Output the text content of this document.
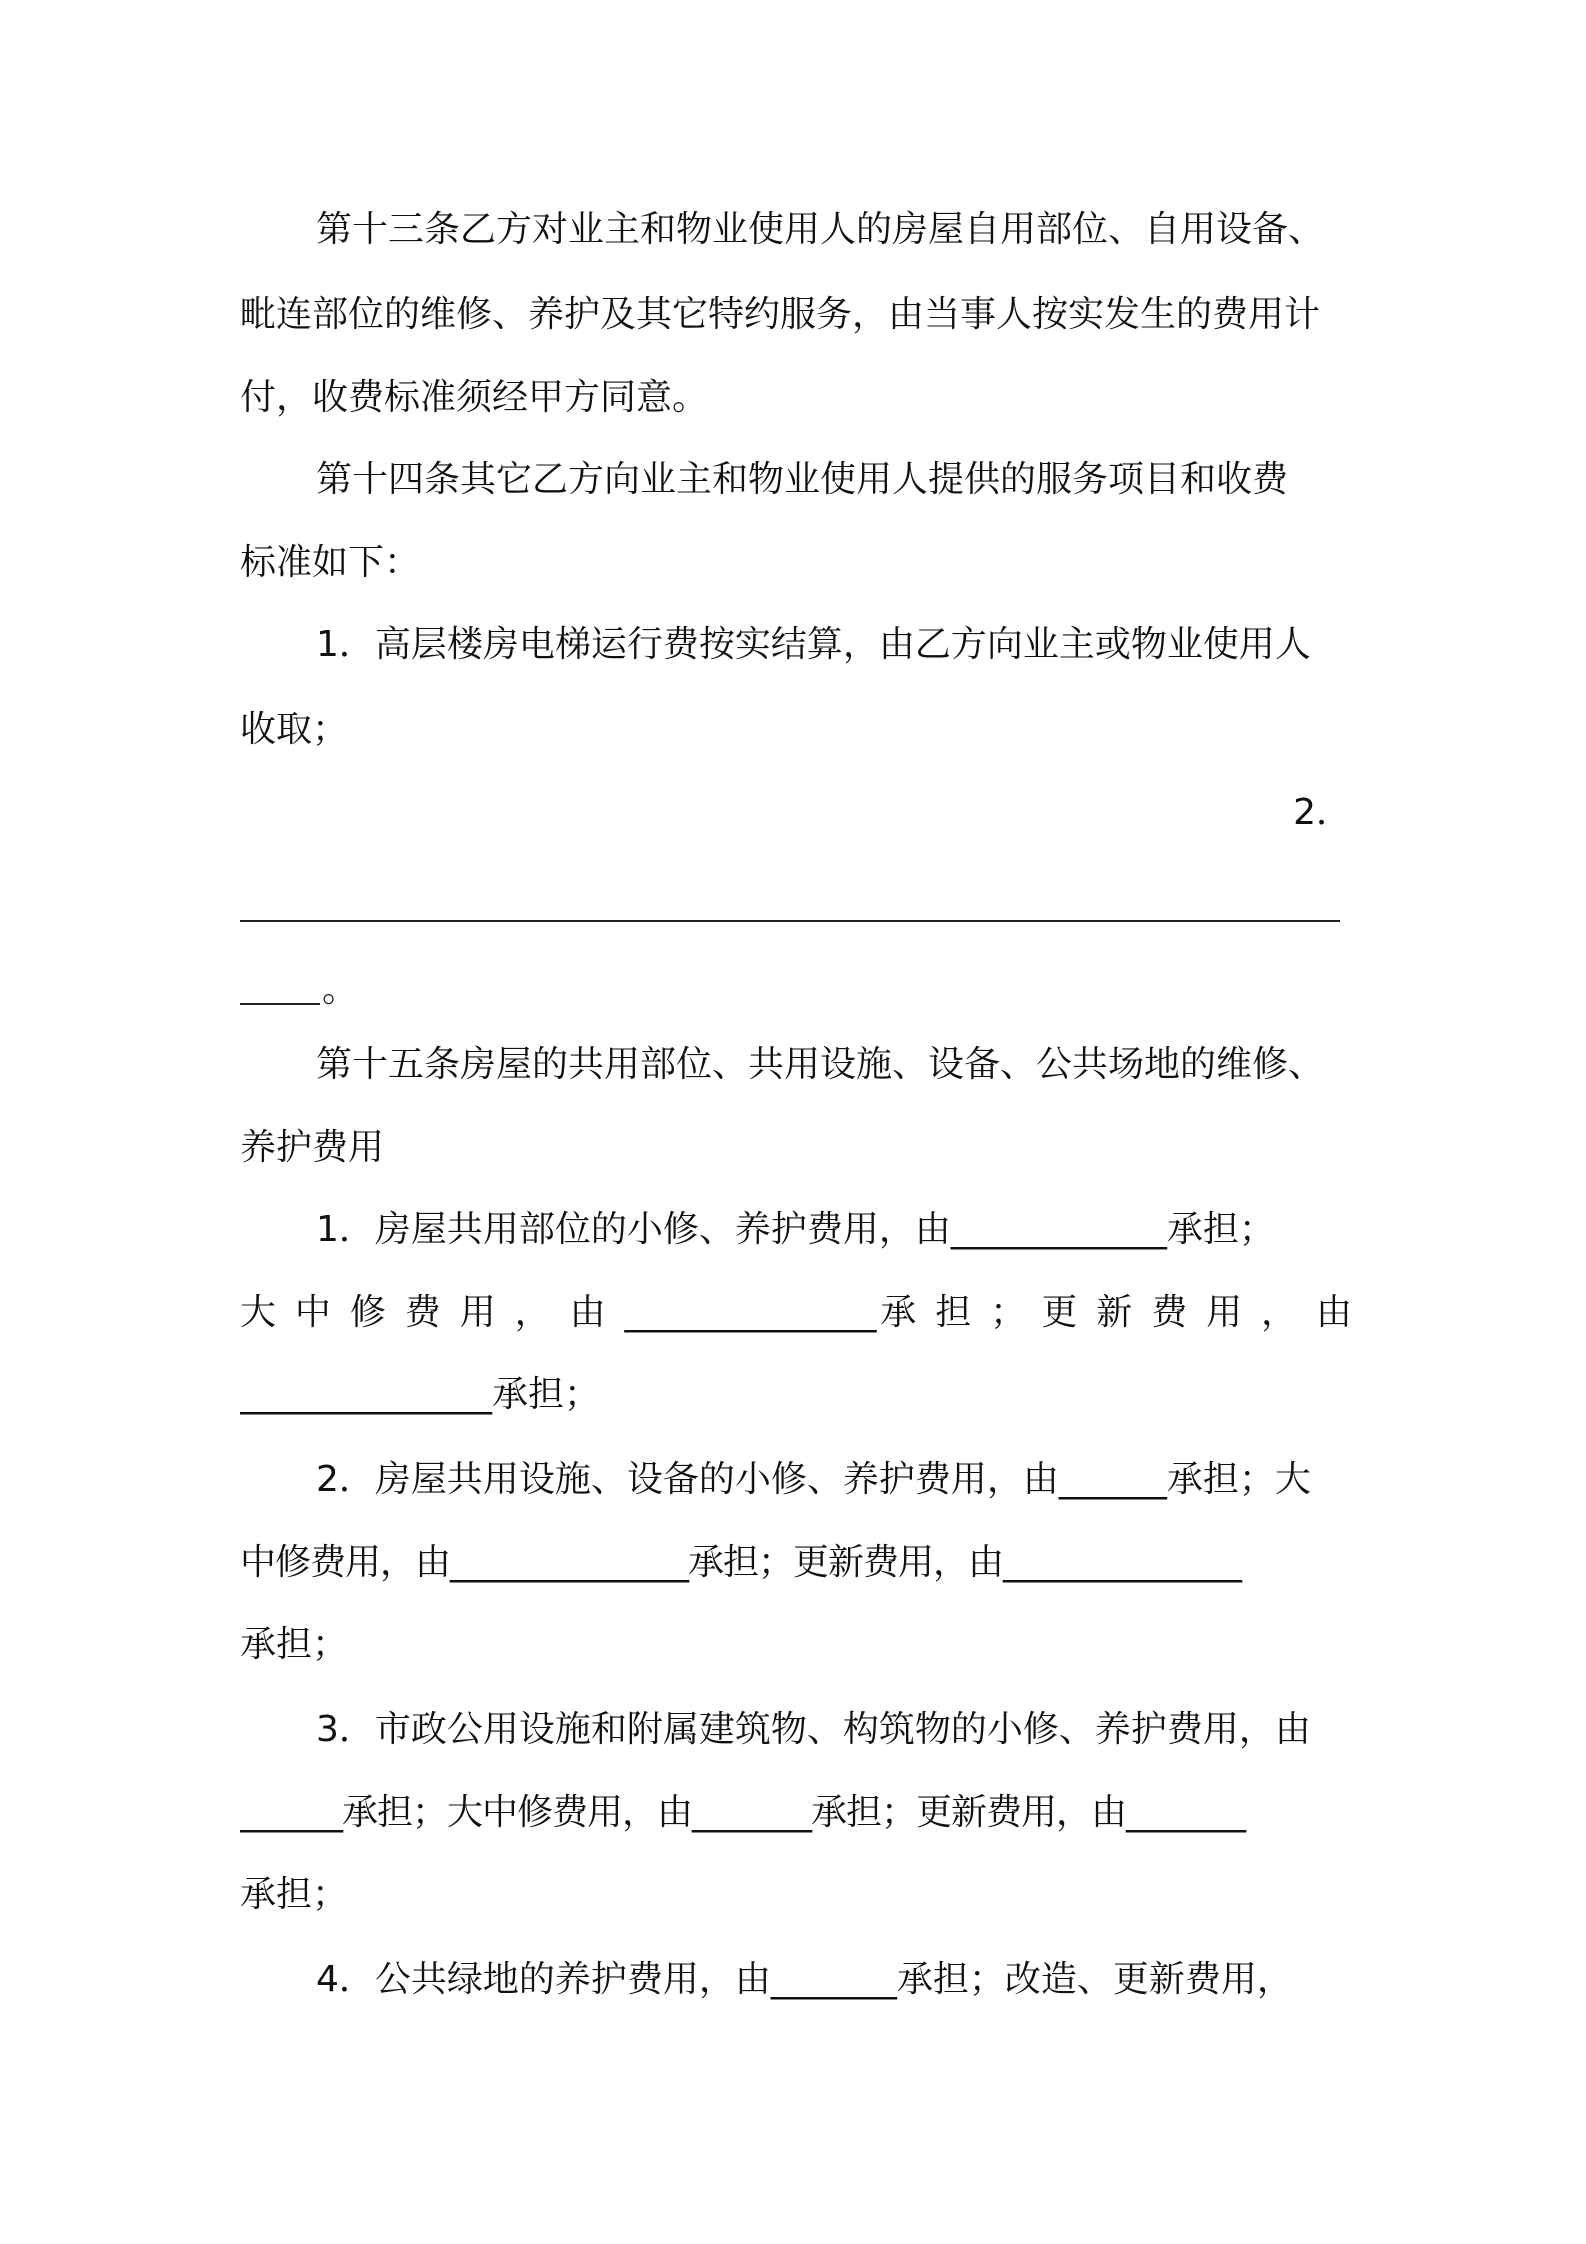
第十三条乙方对业主和物业使用人的房屋自用部位、自用设备、
毗连部位的维修、养护及其它特约服务，由当事人按实发生的费用计
付，收费标准须经甲方同意。
第十四条其它乙方向业主和物业使用人提供的服务项目和收费
标准如下：
1．高层楼房电梯运行费按实结算，由乙方向业主或物业使用人
收取；
2．
。
第十五条房屋的共用部位、共用设施、设备、公共场地的维修、
养护费用
1．房屋共用部位的小修、养护费用，由____________承担；
大 中 修 费 用 ， 由 ______________承 担 ； 更 新 费 用 ， 由
______________承担；
2．房屋共用设施、设备的小修、养护费用，由______承担；大
中修费用，由______________承担；更新费用，由______________
承担；
3．市政公用设施和附属建筑物、构筑物的小修、养护费用，由
______承担；大中修费用，由_______承担；更新费用，由_______
承担；
4．公共绿地的养护费用，由_______承担；改造、更新费用，
